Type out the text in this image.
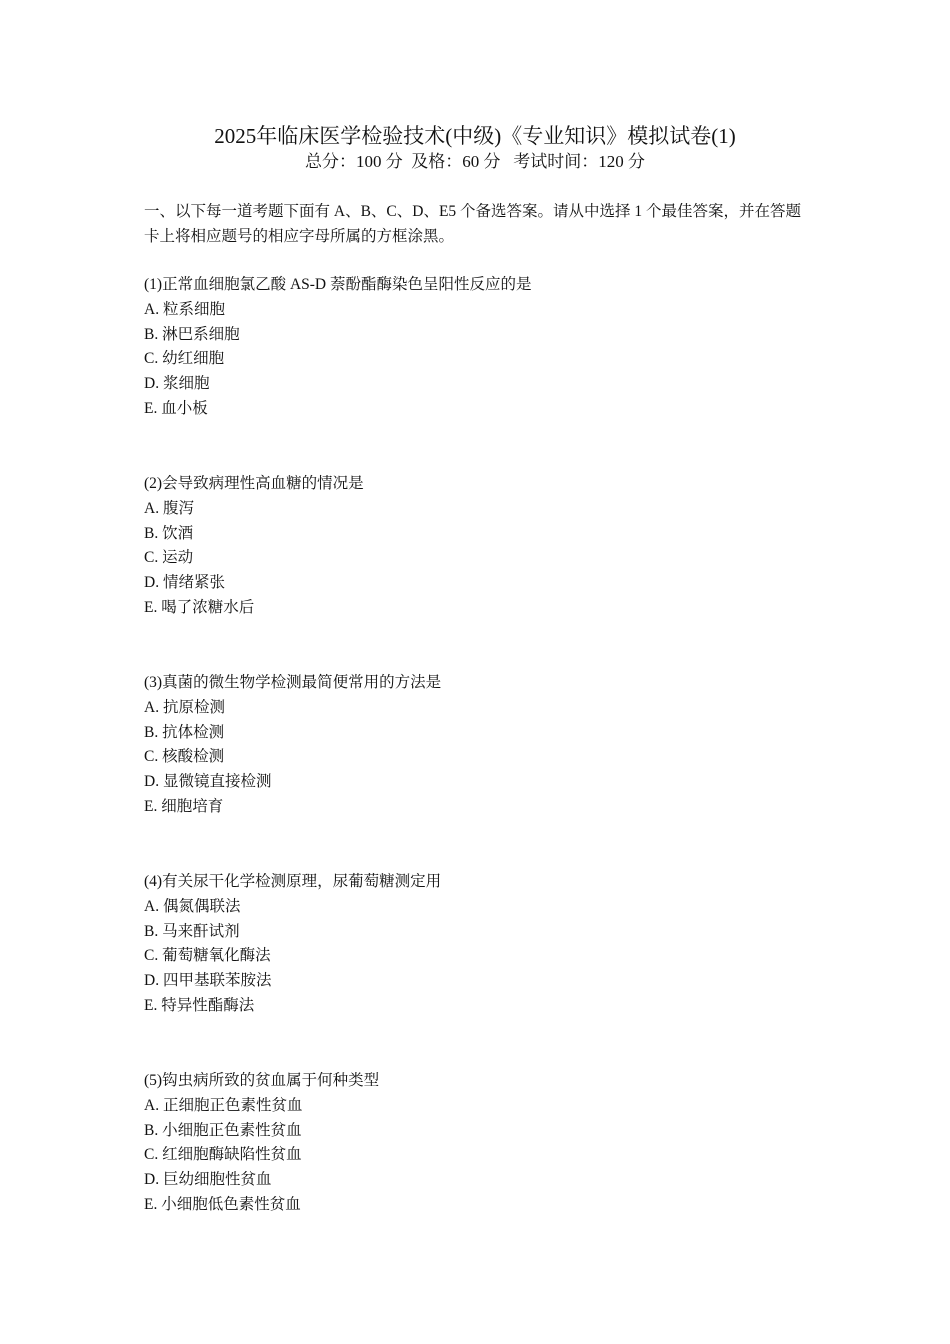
2025年临床医学检验技术(中级)《专业知识》模拟试卷(1)
总分：100 分  及格：60 分   考试时间：120 分
一、以下每一道考题下面有 A、B、C、D、E5 个备选答案。请从中选择 1 个最佳答案，并在答题卡上将相应题号的相应字母所属的方框涂黑。

(1)正常血细胞氯乙酸 AS-D 萘酚酯酶染色呈阳性反应的是

A. 粒系细胞

B. 淋巴系细胞

C. 幼红细胞

D. 浆细胞

E. 血小板

(2)会导致病理性高血糖的情况是

A. 腹泻

B. 饮酒

C. 运动

D. 情绪紧张

E. 喝了浓糖水后

(3)真菌的微生物学检测最简便常用的方法是

A. 抗原检测

B. 抗体检测

C. 核酸检测

D. 显微镜直接检测

E. 细胞培育

(4)有关尿干化学检测原理，尿葡萄糖测定用

A. 偶氮偶联法

B. 马来酐试剂

C. 葡萄糖氧化酶法

D. 四甲基联苯胺法

E. 特异性酯酶法

(5)钩虫病所致的贫血属于何种类型

A. 正细胞正色素性贫血

B. 小细胞正色素性贫血

C. 红细胞酶缺陷性贫血

D. 巨幼细胞性贫血

E. 小细胞低色素性贫血
